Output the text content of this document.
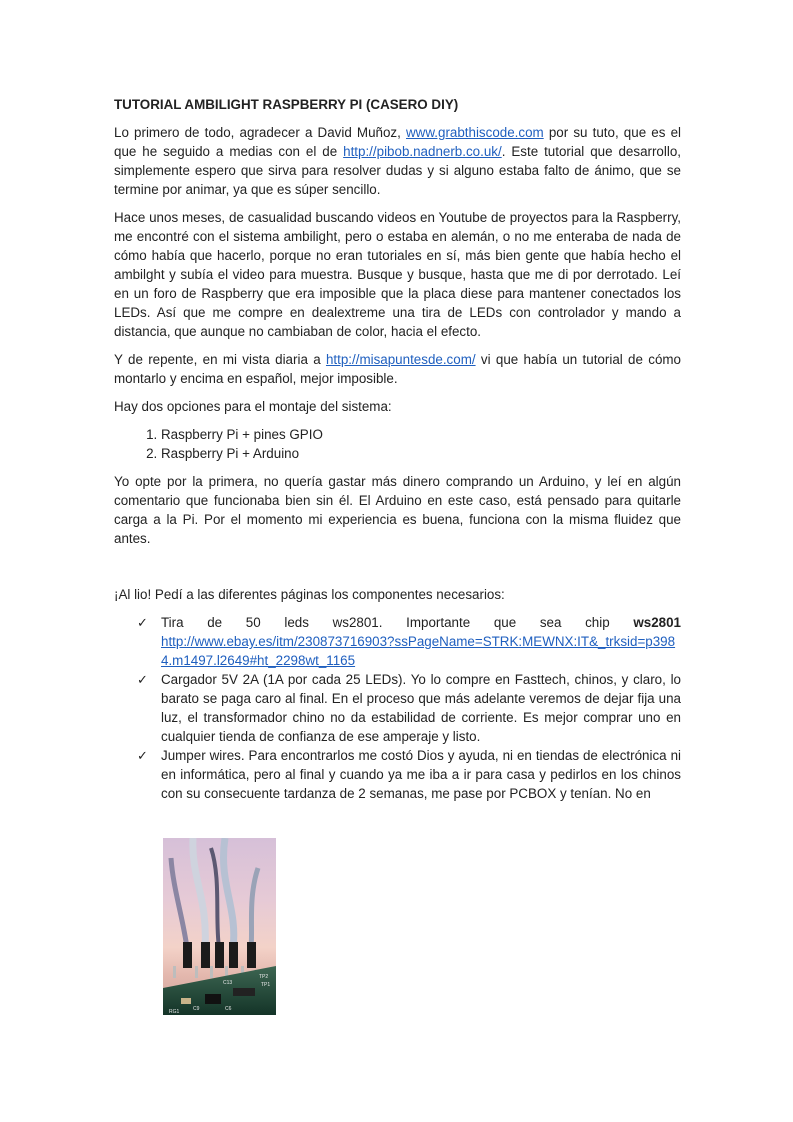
TUTORIAL AMBILIGHT RASPBERRY PI (CASERO DIY)

Lo primero de todo, agradecer a David Muñoz, www.grabthiscode.com por su tuto, que es el que he seguido a medias con el de http://pibob.nadnerb.co.uk/. Este tutorial que desarrollo, simplemente espero que sirva para resolver dudas y si alguno estaba falto de ánimo, que se termine por animar, ya que es súper sencillo.

Hace unos meses, de casualidad buscando videos en Youtube de proyectos para la Raspberry, me encontré con el sistema ambilight, pero o estaba en alemán, o no me enteraba de nada de cómo había que hacerlo, porque no eran tutoriales en sí, más bien gente que había hecho el ambilght y subía el video para muestra. Busque y busque, hasta que me di por derrotado. Leí en un foro de Raspberry que era imposible que la placa diese para mantener conectados los LEDs. Así que me compre en dealextreme una tira de LEDs con controlador y mando a distancia, que aunque no cambiaban de color, hacia el efecto.

Y de repente, en mi vista diaria a http://misapuntesde.com/ vi que había un tutorial de cómo montarlo y encima en español, mejor imposible.

Hay dos opciones para el montaje del sistema:

1. Raspberry Pi + pines GPIO
2. Raspberry Pi + Arduino

Yo opte por la primera, no quería gastar más dinero comprando un Arduino, y leí en algún comentario que funcionaba bien sin él. El Arduino en este caso, está pensado para quitarle carga a la Pi. Por el momento mi experiencia es buena, funciona con la misma fluidez que antes.

¡Al lio! Pedí a las diferentes páginas los componentes necesarios:

✓ Tira de 50 leds ws2801. Importante que sea chip ws2801
http://www.ebay.es/itm/230873716903?ssPageName=STRK:MEWNX:IT&_trksid=p3984.m1497.l2649#ht_2298wt_1165
✓ Cargador 5V 2A (1A por cada 25 LEDs). Yo lo compre en Fasttech, chinos, y claro, lo barato se paga caro al final. En el proceso que más adelante veremos de dejar fija una luz, el transformador chino no da estabilidad de corriente. Es mejor comprar uno en cualquier tienda de confianza de ese amperaje y listo.
✓ Jumper wires. Para encontrarlos me costó Dios y ayuda, ni en tiendas de electrónica ni en informática, pero al final y cuando ya me iba a ir para casa y pedirlos en los chinos con su consecuente tardanza de 2 semanas, me pase por PCBOX y tenían. No en
TP2
TP1
C13
C9	C6
RG1
